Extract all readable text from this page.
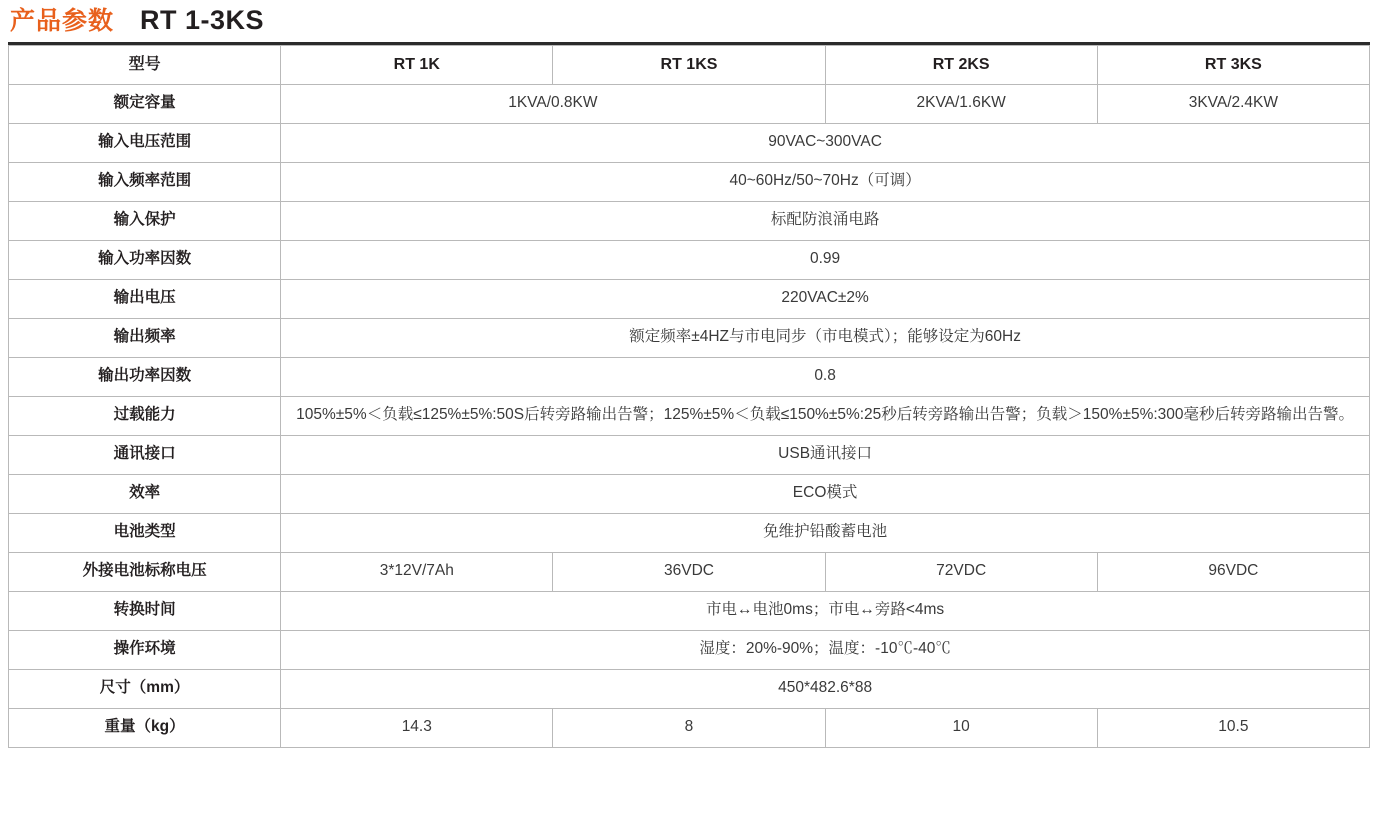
产品参数 RT 1-3KS
型号	RT 1K	RT 1KS	RT 2KS	RT 3KS
额定容量	1KVA/0.8KW		2KVA/1.6KW	3KVA/2.4KW
输入电压范围	90VAC~300VAC			
输入频率范围	40~60Hz/50~70Hz（可调）			
输入保护	标配防浪涌电路			
输入功率因数	0.99			
输出电压	220VAC±2%			
输出频率	额定频率±4HZ与市电同步（市电模式）；能够设定为60Hz			
输出功率因数	0.8			
过载能力	105%±5%＜负载≤125%±5%:50S后转旁路输出告警；125%±5%＜负载≤150%±5%:25秒后转旁路输出告警；负载＞150%±5%:300毫秒后转旁路输出告警。			
通讯接口	USB通讯接口			
效率	ECO模式			
电池类型	免维护铅酸蓄电池			
外接电池标称电压	3*12V/7Ah	36VDC	72VDC	96VDC
转换时间	市电↔电池0ms；市电↔旁路<4ms			
操作环境	湿度：20%-90%；温度：-10℃-40℃			
尺寸（mm）	450*482.6*88			
重量（kg）	14.3	8	10	10.5
